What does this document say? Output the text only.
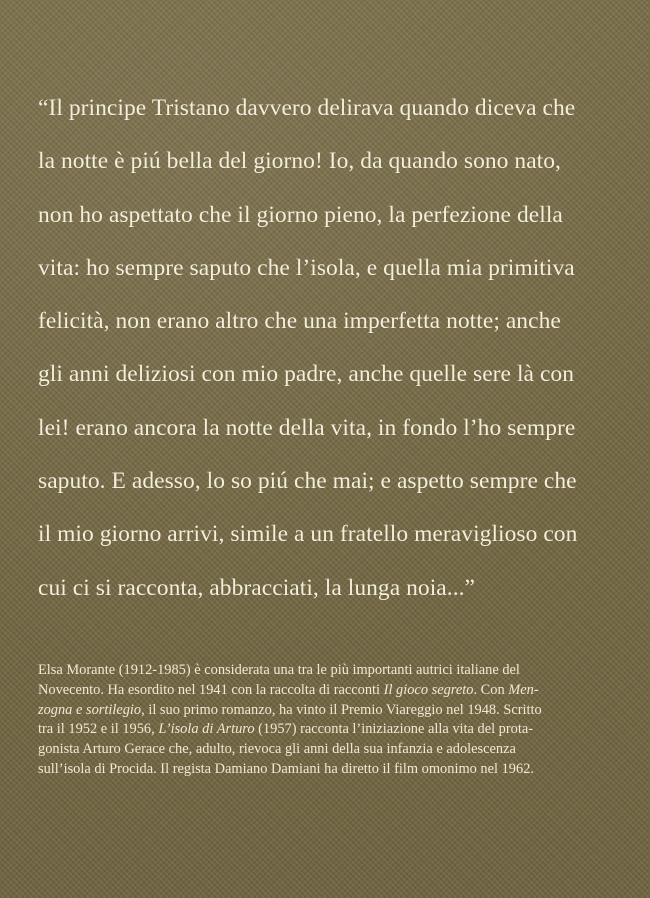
“Il principe Tristano davvero delirava quando diceva che
la notte è piú bella del giorno! Io, da quando sono nato,
non ho aspettato che il giorno pieno, la perfezione della
vita: ho sempre saputo che l’isola, e quella mia primitiva
felicità, non erano altro che una imperfetta notte; anche
gli anni deliziosi con mio padre, anche quelle sere là con
lei! erano ancora la notte della vita, in fondo l’ho sempre
saputo. E adesso, lo so piú che mai; e aspetto sempre che
il mio giorno arrivi, simile a un fratello meraviglioso con
cui ci si racconta, abbracciati, la lunga noia...”
Elsa Morante (1912-1985) è considerata una tra le più importanti autrici italiane del
Novecento. Ha esordito nel 1941 con la raccolta di racconti Il gioco segreto. Con Men-
zogna e sortilegio, il suo primo romanzo, ha vinto il Premio Viareggio nel 1948. Scritto
tra il 1952 e il 1956, L’isola di Arturo (1957) racconta l’iniziazione alla vita del prota-
gonista Arturo Gerace che, adulto, rievoca gli anni della sua infanzia e adolescenza
sull’isola di Procida. Il regista Damiano Damiani ha diretto il film omonimo nel 1962.
